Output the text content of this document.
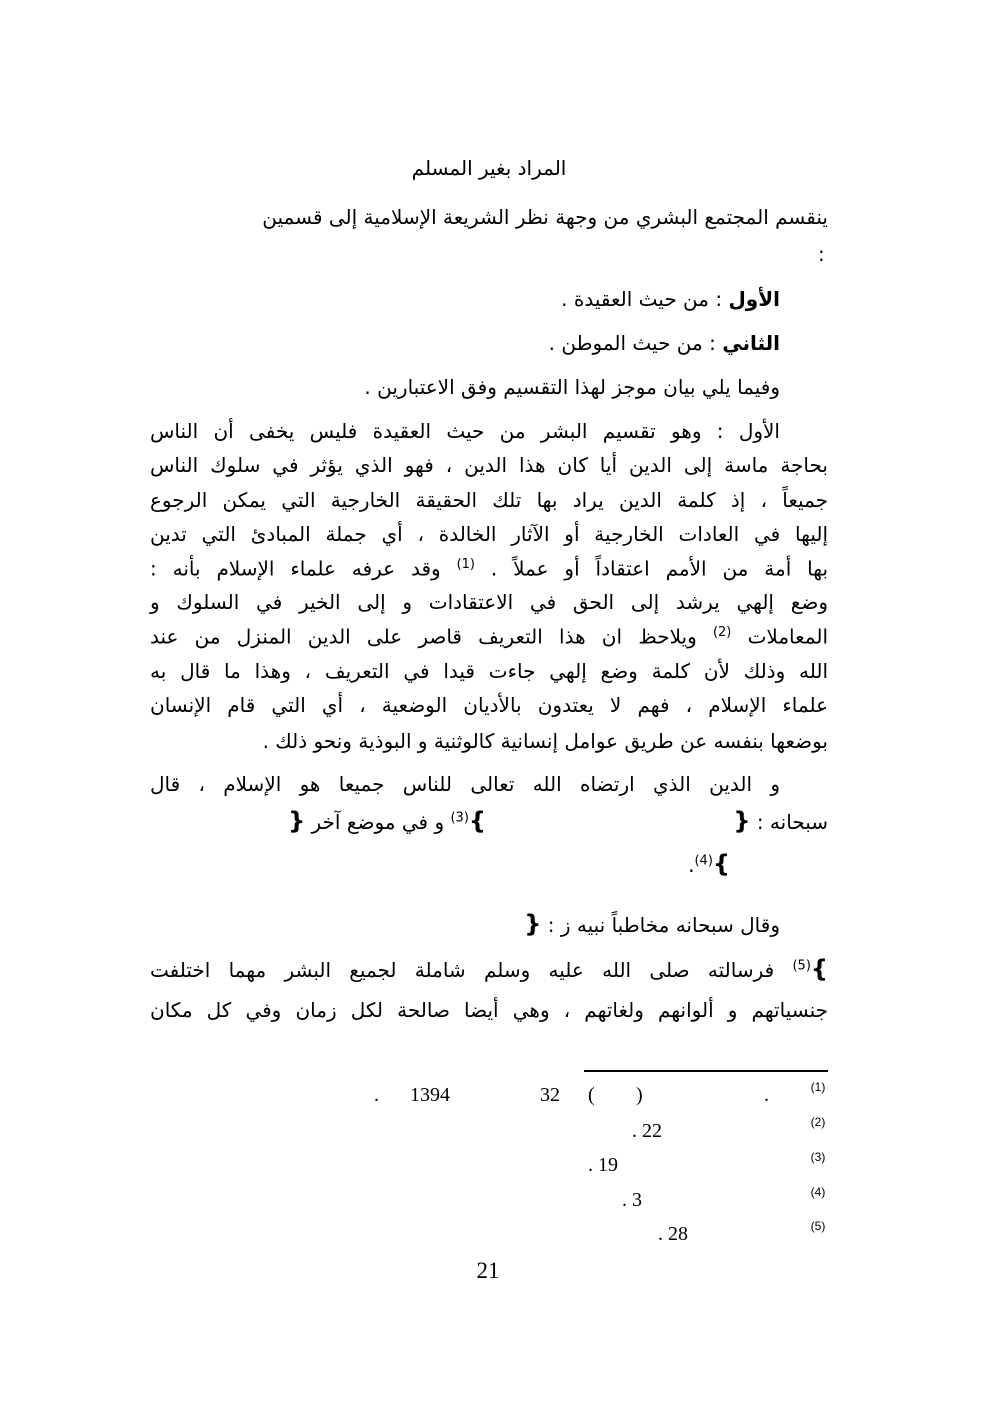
المراد بغير المسلم
ينقسم المجتمع البشري من وجهة نظر الشريعة الإسلامية إلى قسمين
:
الأول : من حيث العقيدة .
الثاني : من حيث الموطن .
وفيما يلي بيان موجز لهذا التقسيم وفق الاعتبارين .
الأول : وهو تقسيم البشر من حيث العقيدة فليس يخفى أن الناس
بحاجة ماسة إلى الدين أيا كان هذا الدين ، فهو الذي يؤثر في سلوك الناس
جميعاً ، إذ كلمة الدين يراد بها تلك الحقيقة الخارجية التي يمكن الرجوع
إليها في العادات الخارجية أو الآثار الخالدة ، أي جملة المبادئ التي تدين
بها أمة من الأمم اعتقاداً أو عملاً . $^{(1)}$ وقد عرفه علماء الإسلام بأنه :
وضع إلهي يرشد إلى الحق في الاعتقادات و إلى الخير في السلوك و
المعاملات $^{(2)}$ ويلاحظ ان هذا التعريف قاصر على الدين المنزل من عند
الله وذلك لأن كلمة وضع إلهي جاءت قيدا في التعريف ، وهذا ما قال به
علماء الإسلام ، فهم لا يعتدون بالأديان الوضعية ، أي التي قام الإنسان
بوضعها بنفسه عن طريق عوامل إنسانية كالوثنية و البوذية ونحو ذلك .
و الدين الذي ارتضاه الله تعالى للناس جميعا هو الإسلام ، قال
سبحانه : {
}$^{(3)}$ و في موضع آخر {
}$^{(4)}$.
وقال سبحانه مخاطباً نبيه ز : {
}$^{(5)}$ فرسالته صلى الله عليه وسلم شاملة لجميع البشر مهما اختلفت
جنسياتهم و ألوانهم ولغاتهم ، وهي أيضا صالحة لكل زمان وفي كل مكان
(1)
.
)
(
32
1394
.
(2)
. 22
(3)
. 19
(4)
. 3
(5)
. 28
21
